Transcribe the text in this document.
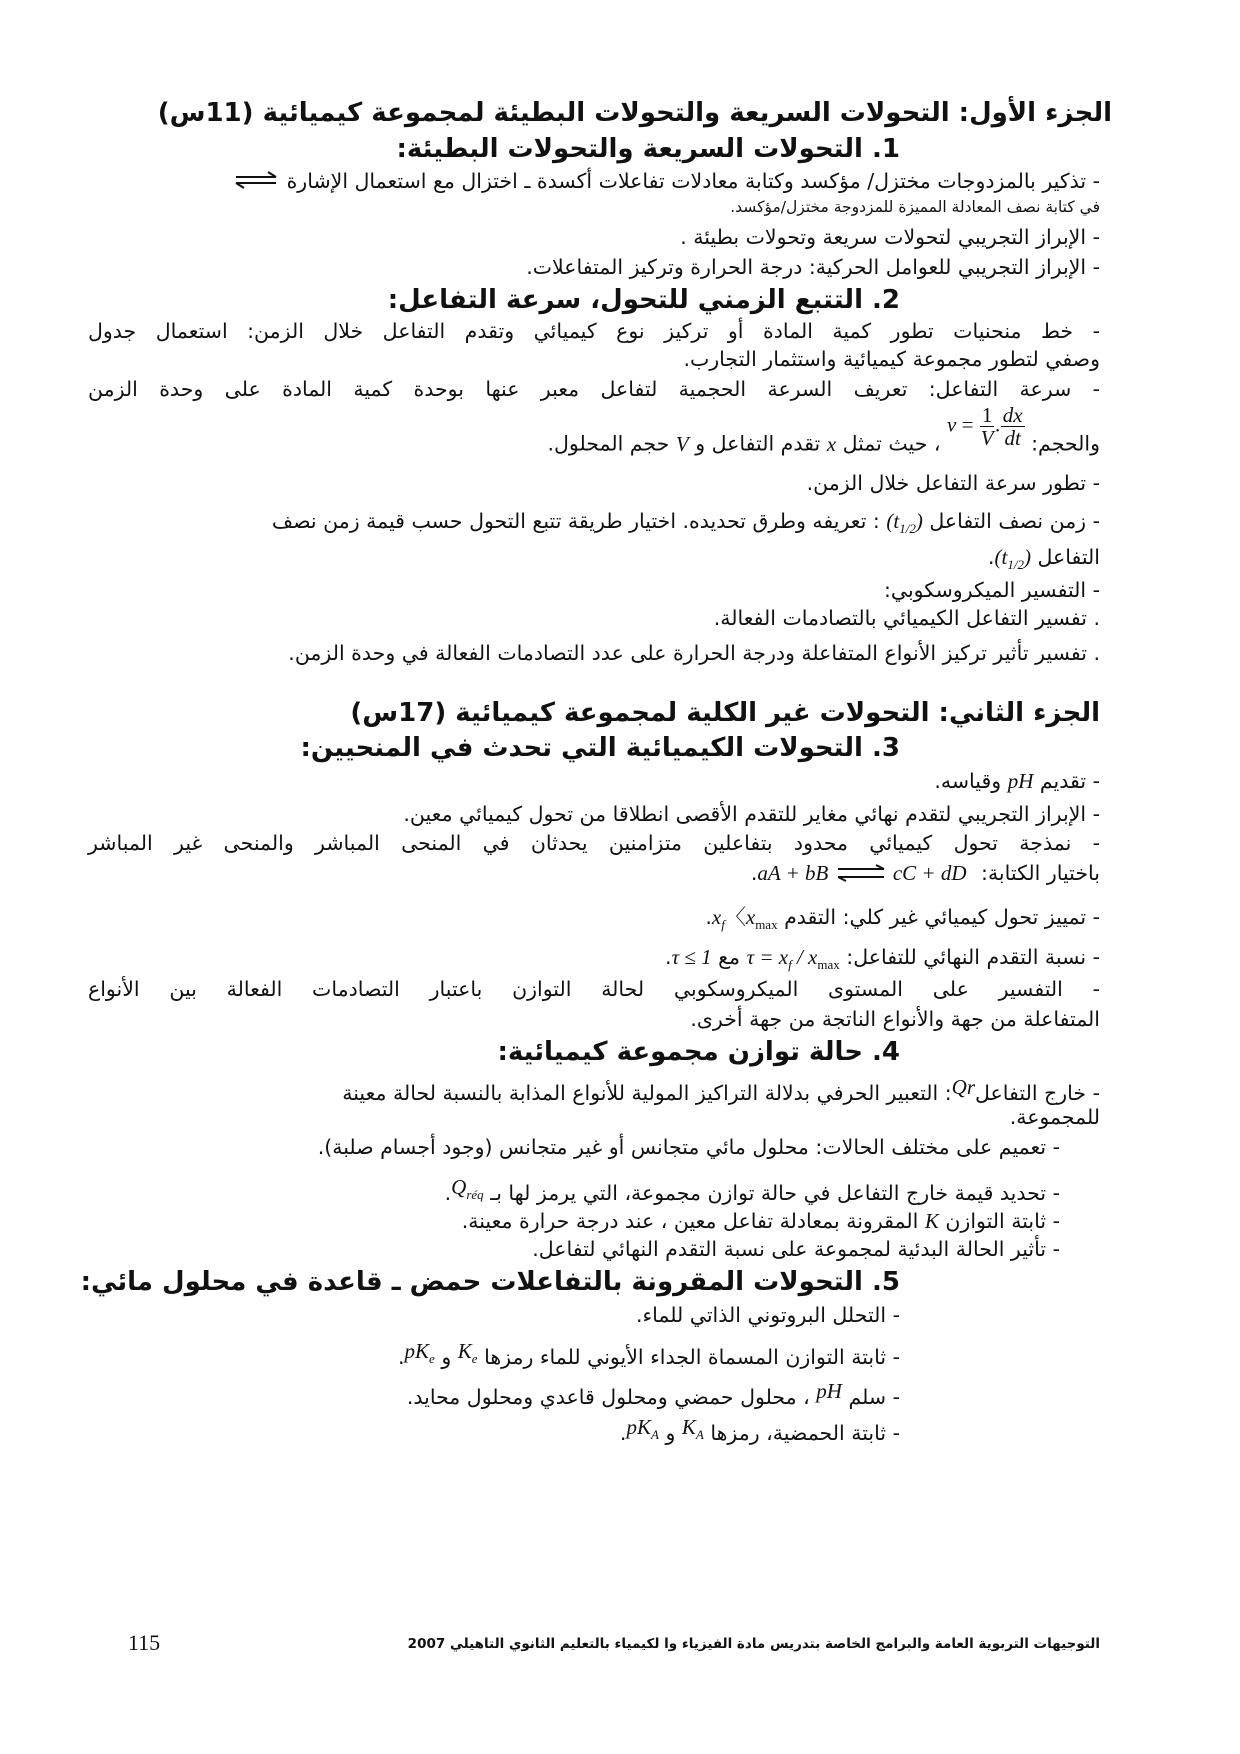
الجزء الأول: التحولات السريعة والتحولات البطيئة لمجموعة كيميائية (11س)
1. التحولات السريعة والتحولات البطيئة:
- تذكير بالمزدوجات مختزل/ مؤكسد وكتابة معادلات تفاعلات أكسدة ـ اختزال مع استعمال الإشارة
في كتابة نصف المعادلة المميزة للمزدوجة مختزل/مؤكسد.
- الإبراز التجريبي لتحولات سريعة وتحولات بطيئة .
- الإبراز التجريبي للعوامل الحركية: درجة الحرارة وتركيز المتفاعلات.
2. التتبع الزمني للتحول، سرعة التفاعل:
- خط منحنيات تطور كمية المادة أو تركيز نوع كيميائي وتقدم التفاعل خلال الزمن: استعمال جدول
وصفي لتطور مجموعة كيميائية واستثمار التجارب.
- سرعة التفاعل: تعريف السرعة الحجمية لتفاعل معبر عنها بوحدة كمية المادة على وحدة الزمن
والحجم: $v = \frac{1}{V}$ . $\frac{dx}{dt}$
، حيث تمثل x تقدم التفاعل و V حجم المحلول.
- تطور سرعة التفاعل خلال الزمن.
- زمن نصف التفاعل $(t_{1/2})$ : تعريفه وطرق تحديده. اختيار طريقة تتبع التحول حسب قيمة زمن نصف
التفاعل $(t_{1/2})$.
- التفسير الميكروسكوبي:
. تفسير التفاعل الكيميائي بالتصادمات الفعالة.
. تفسير تأثير تركيز الأنواع المتفاعلة ودرجة الحرارة على عدد التصادمات الفعالة في وحدة الزمن.
الجزء الثاني: التحولات غير الكلية لمجموعة كيميائية (17س)
3. التحولات الكيميائية التي تحدث في المنحيين:
- تقديم pH وقياسه.
- الإبراز التجريبي لتقدم نهائي مغاير للتقدم الأقصى انطلاقا من تحول كيميائي معين.
- نمذجة تحول كيميائي محدود بتفاعلين متزامنين يحدثان في المنحى المباشر والمنحى غير المباشر
باختيار الكتابة: aA + bB ⇌ cC + dD.
- تمييز تحول كيميائي غير كلي: التقدم $x_f$〈$x_{max}$.
- نسبة التقدم النهائي للتفاعل: $\tau = x_f / x_{max}$ مع τ ≤ 1.
- التفسير على المستوى الميكروسكوبي لحالة التوازن باعتبار التصادمات الفعالة بين الأنواع
المتفاعلة من جهة والأنواع الناتجة من جهة أخرى.
4. حالة توازن مجموعة كيميائية:
- خارج التفاعلQr: التعبير الحرفي بدلالة التراكيز المولية للأنواع المذابة بالنسبة لحالة معينة
للمجموعة.
- تعميم على مختلف الحالات: محلول مائي متجانس أو غير متجانس (وجود أجسام صلبة).
- تحديد قيمة خارج التفاعل في حالة توازن مجموعة، التي يرمز لها بـ $Q_{réq}$.
- ثابتة التوازن K المقرونة بمعادلة تفاعل معين ، عند درجة حرارة معينة.
- تأثير الحالة البدئية لمجموعة على نسبة التقدم النهائي لتفاعل.
5. التحولات المقرونة بالتفاعلات حمض ـ قاعدة في محلول مائي:
- التحلل البروتوني الذاتي للماء.
- ثابتة التوازن المسماة الجداء الأيوني للماء رمزها $K_e$ و $pK_e$.
- سلم pH ، محلول حمضي ومحلول قاعدي ومحلول محايد.
- ثابتة الحمضية، رمزها $K_A$ و $pK_A$.
التوجيهات التربوية العامة والبرامج الخاصة بتدريس مادة الفيزياء وا لكيمياء بالتعليم الثانوي التاهيلي 2007
115
